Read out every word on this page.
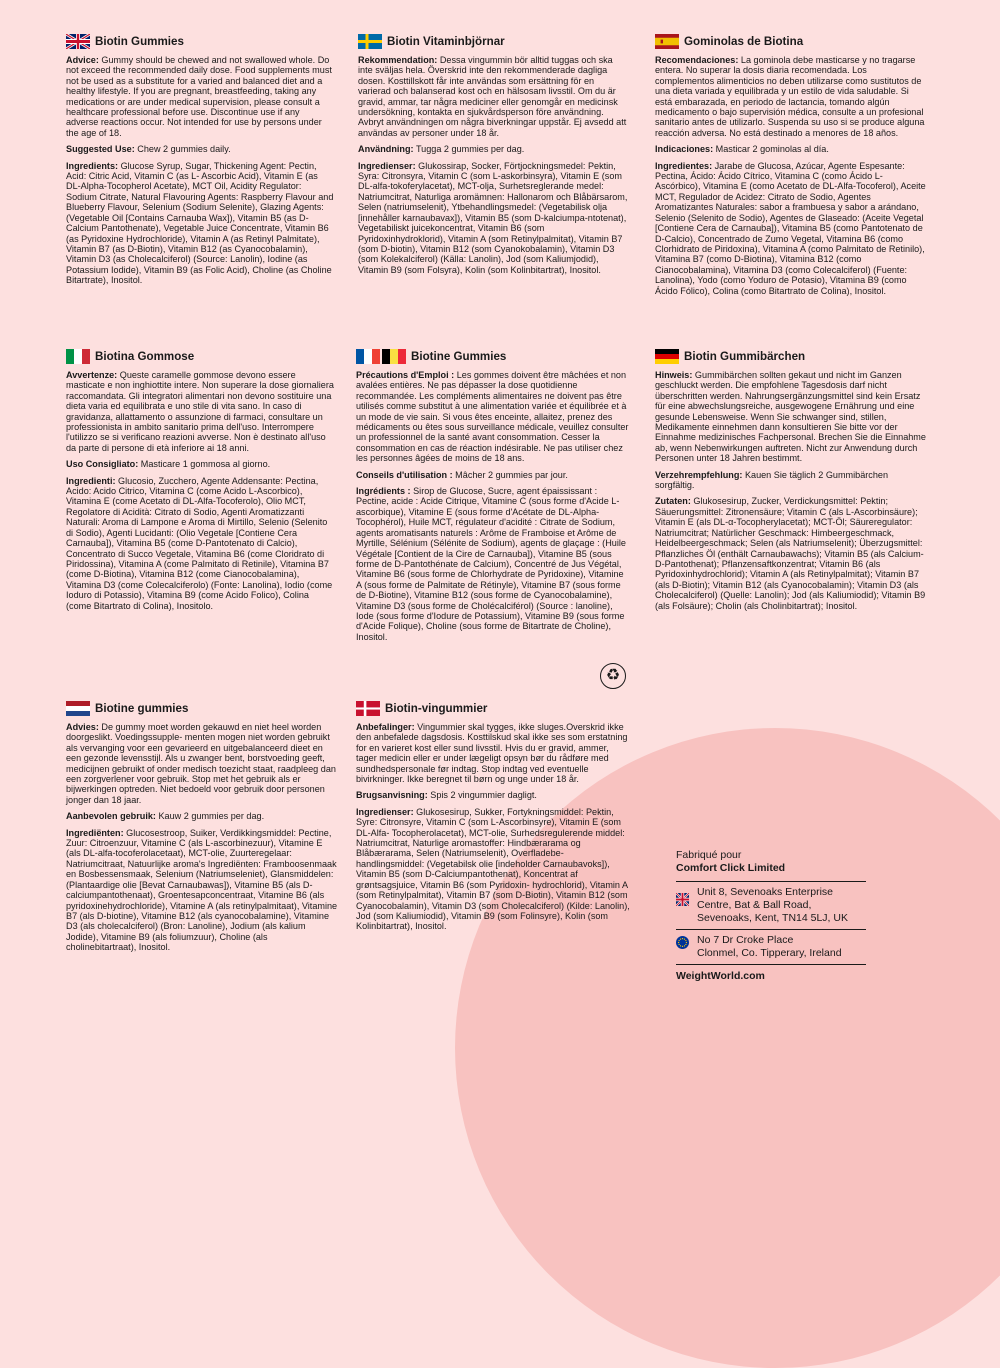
Biotin Gummies

Advice: Gummy should be chewed and not swallowed whole. Do not exceed the recommended daily dose. Food supplements must not be used as a substitute for a varied and balanced diet and a healthy lifestyle. If you are pregnant, breastfeeding, taking any medications or are under medical supervision, please consult a healthcare professional before use. Discontinue use if any adverse reactions occur. Not intended for use by persons under the age of 18.

Suggested Use: Chew 2 gummies daily.

Ingredients: Glucose Syrup, Sugar, Thickening Agent: Pectin, Acid: Citric Acid, Vitamin C (as L- Ascorbic Acid), Vitamin E (as DL-Alpha-Tocopherol Acetate), MCT Oil, Acidity Regulator: Sodium Citrate, Natural Flavouring Agents: Raspberry Flavour and Blueberry Flavour, Selenium (Sodium Selenite), Glazing Agents: (Vegetable Oil [Contains Carnauba Wax]), Vitamin B5 (as D-Calcium Pantothenate), Vegetable Juice Concentrate, Vitamin B6 (as Pyridoxine Hydrochloride), Vitamin A (as Retinyl Palmitate), Vitamin B7 (as D-Biotin), Vitamin B12 (as Cyanocobalamin), Vitamin D3 (as Cholecalciferol) (Source: Lanolin), Iodine (as Potassium Iodide), Vitamin B9 (as Folic Acid), Choline (as Choline Bitartrate), Inositol.

Biotin Vitaminbjörnar

Rekommendation: Dessa vingummin bör alltid tuggas och ska inte sväljas hela. Överskrid inte den rekommenderade dagliga dosen. Kosttillskott får inte användas som ersättning för en varierad och balanserad kost och en hälsosam livsstil. Om du är gravid, ammar, tar några mediciner eller genomgår en medicinsk undersökning, kontakta en sjukvårdsperson före användning. Avbryt användningen om några biverkningar uppstår. Ej avsedd att användas av personer under 18 år.

Användning: Tugga 2 gummies per dag.

Ingredienser: Glukossirap, Socker, Förtjockningsmedel: Pektin, Syra: Citronsyra, Vitamin C (som L-askorbinsyra), Vitamin E (som DL-alfa-tokoferylacetat), MCT-olja, Surhetsreglerande medel: Natriumcitrat, Naturliga aromämnen: Hallonarom och Blåbärsarom, Selen (natriumselenit), Ytbehandlingsmedel: (Vegetabilisk olja [innehåller karnaubavax]), Vitamin B5 (som D-kalciumpa-ntotenat), Vegetabiliskt juicekoncentrat, Vitamin B6 (som Pyridoxinhydroklorid), Vitamin A (som Retinylpalmitat), Vitamin B7 (som D-biotin), Vitamin B12 (som Cyanokobalamin), Vitamin D3 (som Kolekalciferol) (Källa: Lanolin), Jod (som Kaliumjodid), Vitamin B9 (som Folsyra), Kolin (som Kolinbitartrat), Inositol.

Gominolas de Biotina

Recomendaciones: La gominola debe masticarse y no tragarse entera. No superar la dosis diaria recomendada. Los complementos alimenticios no deben utilizarse como sustitutos de una dieta variada y equilibrada y un estilo de vida saludable. Si está embarazada, en periodo de lactancia, tomando algún medicamento o bajo supervisión médica, consulte a un profesional sanitario antes de utilizarlo. Suspenda su uso si se produce alguna reacción adversa. No está destinado a menores de 18 años.

Indicaciones: Masticar 2 gominolas al día.

Ingredientes: Jarabe de Glucosa, Azúcar, Agente Espesante: Pectina, Ácido: Ácido Cítrico, Vitamina C (como Ácido L-Ascórbico), Vitamina E (como Acetato de DL-Alfa-Tocoferol), Aceite MCT, Regulador de Acidez: Citrato de Sodio, Agentes Aromatizantes Naturales: sabor a frambuesa y sabor a arándano, Selenio (Selenito de Sodio), Agentes de Glaseado: (Aceite Vegetal [Contiene Cera de Carnauba]), Vitamina B5 (como Pantotenato de D-Calcio), Concentrado de Zumo Vegetal, Vitamina B6 (como Clorhidrato de Piridoxina), Vitamina A (como Palmitato de Retinilo), Vitamina B7 (como D-Biotina), Vitamina B12 (como Cianocobalamina), Vitamina D3 (como Colecalciferol) (Fuente: Lanolina), Yodo (como Yoduro de Potasio), Vitamina B9 (como Ácido Fólico), Colina (como Bitartrato de Colina), Inositol.

Biotina Gommose

Avvertenze: Queste caramelle gommose devono essere masticate e non inghiottite intere. Non superare la dose giornaliera raccomandata. Gli integratori alimentari non devono sostituire una dieta varia ed equilibrata e uno stile di vita sano. In caso di gravidanza, allattamento o assunzione di farmaci, consultare un professionista in ambito sanitario prima dell'uso. Interrompere l'utilizzo se si verificano reazioni avverse. Non è destinato all'uso da parte di persone di età inferiore ai 18 anni.

Uso Consigliato: Masticare 1 gommosa al giorno.

Ingredienti: Glucosio, Zucchero, Agente Addensante: Pectina, Acido: Acido Citrico, Vitamina C (come Acido L-Ascorbico), Vitamina E (come Acetato di DL-Alfa-Tocoferolo), Olio MCT, Regolatore di Acidità: Citrato di Sodio, Agenti Aromatizzanti Naturali: Aroma di Lampone e Aroma di Mirtillo, Selenio (Selenito di Sodio), Agenti Lucidanti: (Olio Vegetale [Contiene Cera Carnauba]), Vitamina B5 (come D-Pantotenato di Calcio), Concentrato di Succo Vegetale, Vitamina B6 (come Cloridrato di Piridossina), Vitamina A (come Palmitato di Retinile), Vitamina B7 (come D-Biotina), Vitamina B12 (come Cianocobalamina), Vitamina D3 (come Colecalciferolo) (Fonte: Lanolina), Iodio (come Ioduro di Potassio), Vitamina B9 (come Acido Folico), Colina (come Bitartrato di Colina), Inositolo.

Biotine Gummies

Précautions d'Emploi : Les gommes doivent être mâchées et non avalées entières. Ne pas dépasser la dose quotidienne recommandée. Les compléments alimentaires ne doivent pas être utilisés comme substitut à une alimentation variée et équilibrée et à un mode de vie sain. Si vous êtes enceinte, allaitez, prenez des médicaments ou êtes sous surveillance médicale, veuillez consulter un professionnel de la santé avant consommation. Cesser la consommation en cas de réaction indésirable. Ne pas utiliser chez les personnes âgées de moins de 18 ans.

Conseils d'utilisation : Mâcher 2 gummies par jour.

Ingrédients : Sirop de Glucose, Sucre, agent épaississant : Pectine, acide : Acide Citrique, Vitamine C (sous forme d'Acide L-ascorbique), Vitamine E (sous forme d'Acétate de DL-Alpha-Tocophérol), Huile MCT, régulateur d'acidité : Citrate de Sodium, agents aromatisants naturels : Arôme de Framboise et Arôme de Myrtille, Sélénium (Sélénite de Sodium), agents de glaçage : (Huile Végétale [Contient de la Cire de Carnauba]), Vitamine B5 (sous forme de D-Pantothénate de Calcium), Concentré de Jus Végétal, Vitamine B6 (sous forme de Chlorhydrate de Pyridoxine), Vitamine A (sous forme de Palmitate de Rétinyle), Vitamine B7 (sous forme de D-Biotine), Vitamine B12 (sous forme de Cyanocobalamine), Vitamine D3 (sous forme de Cholécalciférol) (Source : lanoline), Iode (sous forme d'Iodure de Potassium), Vitamine B9 (sous forme d'Acide Folique), Choline (sous forme de Bitartrate de Choline), Inositol.

Biotin Gummibärchen

Hinweis: Gummibärchen sollten gekaut und nicht im Ganzen geschluckt werden. Die empfohlene Tagesdosis darf nicht überschritten werden. Nahrungsergänzungsmittel sind kein Ersatz für eine abwechslungsreiche, ausgewogene Ernährung und eine gesunde Lebensweise. Wenn Sie schwanger sind, stillen, Medikamente einnehmen dann konsultieren Sie bitte vor der Einnahme medizinisches Fachpersonal. Brechen Sie die Einnahme ab, wenn Nebenwirkungen auftreten. Nicht zur Anwendung durch Personen unter 18 Jahren bestimmt.

Verzehrempfehlung: Kauen Sie täglich 2 Gummibärchen sorgfältig.

Zutaten: Glukosesirup, Zucker, Verdickungsmittel: Pektin; Säuerungsmittel: Zitronensäure; Vitamin C (als L-Ascorbinsäure); Vitamin E (als DL-α-Tocopherylacetat); MCT-Öl; Säureregulator: Natriumcitrat; Natürlicher Geschmack: Himbeergeschmack, Heidelbeergeschmack; Selen (als Natriumselenit); Überzugsmittel: Pflanzliches Öl (enthält Carnaubawachs); Vitamin B5 (als Calcium-D-Pantothenat); Pflanzensaftkonzentrat; Vitamin B6 (als Pyridoxinhydrochlorid); Vitamin A (als Retinylpalmitat); Vitamin B7 (als D-Biotin); Vitamin B12 (als Cyanocobalamin); Vitamin D3 (als Cholecalciferol) (Quelle: Lanolin); Jod (als Kaliumiodid); Vitamin B9 (als Folsäure); Cholin (als Cholinbitartrat); Inositol.

♻
Biotine gummies

Advies: De gummy moet worden gekauwd en niet heel worden doorgeslikt. Voedingssupple- menten mogen niet worden gebruikt als vervanging voor een gevarieerd en uitgebalanceerd dieet en een gezonde levensstijl. Als u zwanger bent, borstvoeding geeft, medicijnen gebruikt of onder medisch toezicht staat, raadpleeg dan een zorgverlener voor gebruik. Stop met het gebruik als er bijwerkingen optreden. Niet bedoeld voor gebruik door personen jonger dan 18 jaar.

Aanbevolen gebruik: Kauw 2 gummies per dag.

Ingrediënten: Glucosestroop, Suiker, Verdikkingsmiddel: Pectine, Zuur: Citroenzuur, Vitamine C (als L-ascorbinezuur), Vitamine E (als DL-alfa-tocoferolacetaat), MCT-olie, Zuurteregelaar: Natriumcitraat, Natuurlijke aroma's Ingrediënten: Framboosenmaak en Bosbessensmaak, Selenium (Natriumseleniet), Glansmiddelen: (Plantaardige olie [Bevat Carnaubawas]), Vitamine B5 (als D-calciumpantothenaat), Groentesapconcentraat, Vitamine B6 (als pyridoxinehydrochloride), Vitamine A (als retinylpalmitaat), Vitamine B7 (als D-biotine), Vitamine B12 (als cyanocobalamine), Vitamine D3 (als cholecalciferol) (Bron: Lanoline), Jodium (als kalium Jodide), Vitamine B9 (als foliumzuur), Choline (als cholinebitartraat), Inositol.

Biotin-vingummier

Anbefalinger: Vingummier skal tygges, ikke sluges.Overskrid ikke den anbefalede dagsdosis. Kosttilskud skal ikke ses som erstatning for en varieret kost eller sund livsstil. Hvis du er gravid, ammer, tager medicin eller er under lægeligt opsyn bør du rådføre med sundhedspersonale før indtag. Stop indtag ved eventuelle bivirkninger. Ikke beregnet til børn og unge under 18 år.

Brugsanvisning: Spis 2 vingummier dagligt.

Ingredienser: Glukosesirup, Sukker, Fortykningsmiddel: Pektin, Syre: Citronsyre, Vitamin C (som L-Ascorbinsyre), Vitamin E (som DL-Alfa- Tocopherolacetat), MCT-olie, Surhedsregulerende middel: Natriumcitrat, Naturlige aromastoffer: Hindbærarama og Blåbærarama, Selen (Natriumselenit), Overfladebe- handlingsmiddel: (Vegetabilsk olie [indeholder Carnaubavoks]), Vitamin B5 (som D-Calciumpantothenat), Koncentrat af grøntsagsjuice, Vitamin B6 (som Pyridoxin- hydrochlorid), Vitamin A (som Retinylpalmitat), Vitamin B7 (som D-Biotin), Vitamin B12 (som Cyanocobalamin), Vitamin D3 (som Cholecalciferol) (Kilde: Lanolin), Jod (som Kaliumiodid), Vitamin B9 (som Folinsyre), Kolin (som Kolinbitartrat), Inositol.

Fabriqué pour
Comfort Click Limited
Unit 8, Sevenoaks Enterprise
Centre, Bat & Ball Road,
Sevenoaks, Kent, TN14 5LJ, UK
No 7 Dr Croke Place
Clonmel, Co. Tipperary, Ireland
WeightWorld.com
